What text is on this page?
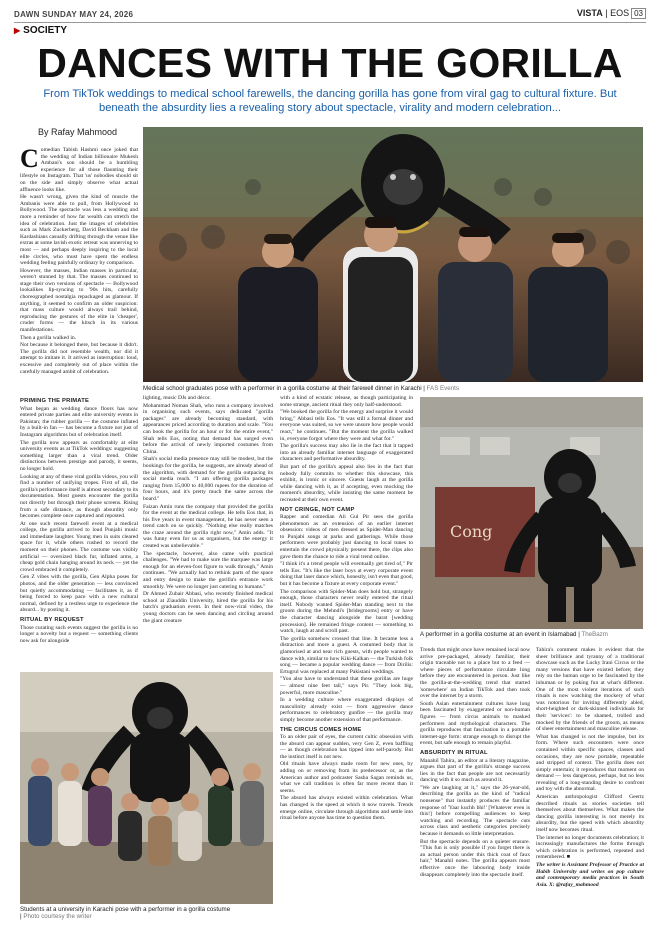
DAWN SUNDAY MAY 24, 2026	VISTA | EOS 03
▶ SOCIETY
DANCES WITH THE GORILLA
From TikTok weddings to medical school farewells, the dancing gorilla has gone from viral gag to cultural fixture. But beneath the absurdity lies a revealing story about spectacle, virality and modern celebration...
By Rafay Mahmood
C omedian Tabish Hashmi once joked that the wedding of Indian billionaire Mukesh Ambani's son should be a humbling experience for all those flaunting their lifestyle on Instagram. That 'us' nobodies should sit on the side and simply observe what actual affluence looks like.

He wasn't wrong, given the kind of muscle the Ambanis were able to pull, from Hollywood to Bollywood. The spectacle was less a wedding and more a reminder of how far wealth can stretch the idea of celebration. Just the images of celebrities such as Mark Zuckerberg, David Beckham and the Kardashians casually drifting through the venue like extras at some lavish exotic retreat was unnerving to most — and perhaps deeply inspiring to the local elite circles, who must have spent the endless wedding feeling painfully ordinary by comparison.

However, the masses, Indian masses in particular, weren't stunned by that. The masses continued to stage their own versions of spectacle — Bollywood lookalikes lip-syncing to '90s hits, carefully choreographed nostalgia repackaged as glamour. If anything, it seemed to confirm an older suspicion: that mass culture would always trail behind, reproducing the gestures of the elite in 'cheaper', cruder forms — the kitsch in its various manifestations.

Then a gorilla walked in.

Not because it belonged there, but because it didn't. The gorilla did not resemble wealth, nor did it attempt to imitate it. It arrived as interruption: loud, excessive and completely out of place within the carefully managed ambit of celebration.

Medical school graduates pose with a performer in a gorilla costume at their farewell dinner in Karachi | FAS Events
PRIMING THE PRIMATE

What began as wedding dance floors has now entered private parties and elite university events in Pakistan; the rubber gorilla — the costume inflated by a built-in fan — has become a fixture not just of Instagram algorithms but of celebration itself.

The gorilla now appears as comfortably at elite university events as at TikTok weddings: suggesting something larger than a viral trend. Older distinctions between prestige and parody, it seems, no longer hold.

Looking at any of these viral gorilla videos, you will find a number of unifying tropes. First of all, the gorilla's performance itself is almost secondary to its documentation. Most guests encounter the gorilla not directly but through their phone screens. Rising from a safe distance, as though absurdity only becomes complete once captured and reposted.

At one such recent farewell event at a medical college, the gorilla arrived to loud Punjabi music and immediate laughter. Young men in suits cleared space for it, while others rushed to record the moment on their phones. The costume was visibly artificial — oversized black fur, inflated arms, a cheap gold chain hanging around its neck — yet the crowd embraced it completely.

Gen Z vibes with the gorilla, Gen Alpha poses for photos, and the older generation — less convinced but quietly accommodating — facilitates it, as if being forced to keep pace with a new cultural normal, defined by a restless urge to experience the absurd... by posting it.

RITUAL BY REQUEST

Those curating such events suggest the gorilla is no longer a novelty but a request — something clients now ask for alongside

lighting, music DJs and décor.

Mohammad Noman Shah, who runs a company involved in organising such events, says dedicated "gorilla packages" are already becoming standard, with appearances priced according to duration and scale. "You can book the gorilla for an hour or for the entire event," Shah tells Eos, noting that demand has surged even before the arrival of newly imported costumes from China.

Shah's social media presence may still be modest, but the bookings for the gorilla, he suggests, are already ahead of the algorithm, with demand for the gorilla outpacing its social media reach. "I am offering gorilla packages ranging from 15,000 to 40,000 rupees for the duration of four hours, and it's pretty much the same across the board."

Faizan Amin runs the company that provided the gorilla for the event at the medical college. He tells Eos that, in his five years in event management, he has never seen a trend catch on so quickly. "Nothing else really matches the craze around the gorilla right now," Amin adds. "It was funny even for us as organisers, but the energy it created was unbelievable."

The spectacle, however, also came with practical challenges. "We had to make sure the marquee was large enough for an eleven-foot figure to walk through," Amin continues. "We actually had to rethink parts of the space and entry design to make the gorilla's entrance work smoothly. We were no longer just catering to humans."

Dr Ahmed Zubair Abbasi, who recently finished medical school at Ziauddin University, hired the gorilla for his batch's graduation event. In their now-viral video, the young doctors can be seen dancing and circling around the giant creature

with a kind of ecstatic release, as though participating in some strange, ancient ritual they only half-understood.

"We booked the gorilla for the energy and surprise it would bring," Abbasi tells Eos. "It was still a formal dinner and everyone was suited, so we were unsure how people would react," he continues. "But the moment the gorilla walked in, everyone forgot where they were and what for."

The gorilla's success may also lie in the fact that it tapped into an already familiar internet language of exaggerated characters and performative absurdity.

But part of the gorilla's appeal also lies in the fact that nobody fully commits to whether this showcase, this exhibit, is ironic or sincere. Guests laugh at the gorilla while dancing with it, as if accepting, even mocking the moment's absurdity, while insisting the same moment be recreated at their own event.

NOT CRINGE, NOT CAMP

Rapper and comedian Ali Gul Pir sees the gorilla phenomenon as an extension of an earlier internet obsession: videos of men dressed as Spider-Man dancing to Punjabi songs at parks and gatherings. While those performers were probably just dancing to local tunes to entertain the crowd physically present there, the clips also gave them the chance to ride a viral trend online.

"I think it's a trend people will eventually get tired of," Pir tells Eos. "It's like the laser boys at every corporate event doing that laser dance which, honestly, isn't even that good, but it has become a fixture at every corporate event."

The comparison with Spider-Man does hold but, strangely enough, those characters never really entered the ritual itself. Nobody wanted Spider-Man standing next to the groom during the Mehndi's [bridegrooms] entry or have the character dancing alongside the barat [wedding procession]. He remained fringe content — something to watch, laugh at and scroll past.

The gorilla somehow crossed that line. It became less a distraction and more a guest. A costumed body that is glamorised at and near rich guests, with people wanted to dance with, similar to how Kiki-Kalkan — the Turkish folk song — became a popular wedding dance — from Dirilis: Ertugrul was replaced at many Pakistani weddings.

"You also have to understand that these gorillas are huge — almost nine feet tall," says Pir. "They look big, powerful, more masculine."

In a wedding culture where exaggerated displays of masculinity already exist — from aggressive dance performances to celebratory gunfire — the gorilla may simply become another extension of that performance.

THE CIRCUS COMES HOME

To an older pair of eyes, the current cultic obsession with the absurd can appear sudden, very Gen Z, even baffling — as though celebration has tipped into self-parody. But the instinct itself is not new.

Old rituals have always made room for new ones, by adding on or removing from its predecessor or, as the American author and podcaster Sasha Sagan reminds us, what we call tradition is often far more recent than it seems.

The absurd has always existed within celebration. What has changed is the speed at which it now travels. Trends emerge online, circulate through algorithms and settle into ritual before anyone has time to question them.

Cong
A performer in a gorilla costume at an event in Islamabad | TheBazm
Students at a university in Karachi pose with a performer in a gorilla costume
| Photo courtesy the writer

Trends that might once have remained local now arrive pre-packaged, already familiar, their origin traceable not to a place but to a feed — where pieces of performance circulate long before they are encountered in person. Just like the gorilla-at-the-wedding trend that started 'somewhere' on Indian TikTok and then took over the internet by a storm.

South Asian entertainment cultures have long been fascinated by exaggerated or non-human figures — from circus animals to masked performers and mythological characters. The gorilla reproduces that fascination in a portable internet-age form: strange enough to disrupt the event, but safe enough to remain playful.

ABSURDITY IN RITUAL

Manahil Tahira, an editor at a literary magazine, argues that part of the gorilla's strange success lies in the fact that people are not necessarily dancing with it so much as around it.

"We are laughing at it," says the 26-year-old, describing the gorilla as the kind of "radical nonsense" that instantly produces the familiar response of 'Yaar kuchh bhi!' [Whatever even is this!] before compelling audiences to keep watching and recording. The spectacle cuts across class and aesthetic categories precisely because it demands so little interpretation.

But the spectacle depends on a quieter erasure. "This fun is only possible if you forget there is an actual person under this thick coat of faux hair," Manahil notes. The gorilla appears most effective once the labouring body inside disappears completely into the spectacle itself.

Tahira's comment makes it evident that the sheer brilliance and tyranny of a traditional showcase such as the Lucky Irani Circus or the many versions that have existed before; they rely on the human urge to be fascinated by the inhuman or by poking fun at what's different. One of the most violent iterations of such rituals is now watching the mockery of what was notorious for inviting differently abled, short-heighted or dark-skinned individuals for their 'services': to be shamed, trolled and mocked by the friends of the groom, as means of sheer entertainment and masculine release.

What has changed is not the impulse, but its form. Where such encounters were once contained within specific spaces, classes and occasions, they are now portable, repeatable and stripped of context. The gorilla does not simply entertain; it reproduces that moment on demand — less dangerous, perhaps, but no less revealing of a long-standing desire to confront and toy with the abnormal.

American anthropologist Clifford Geertz described rituals as stories societies tell themselves about themselves. What makes the dancing gorilla interesting is not merely its absurdity, but the speed with which absurdity itself now becomes ritual.

The internet no longer documents celebration; it increasingly manufactures the forms through which celebration is performed, repeated and remembered. ■

The writer is Assistant Professor of Practice at Habib University and writes on pop culture and contemporary media practices in South Asia. X: @rafay_mahmood
